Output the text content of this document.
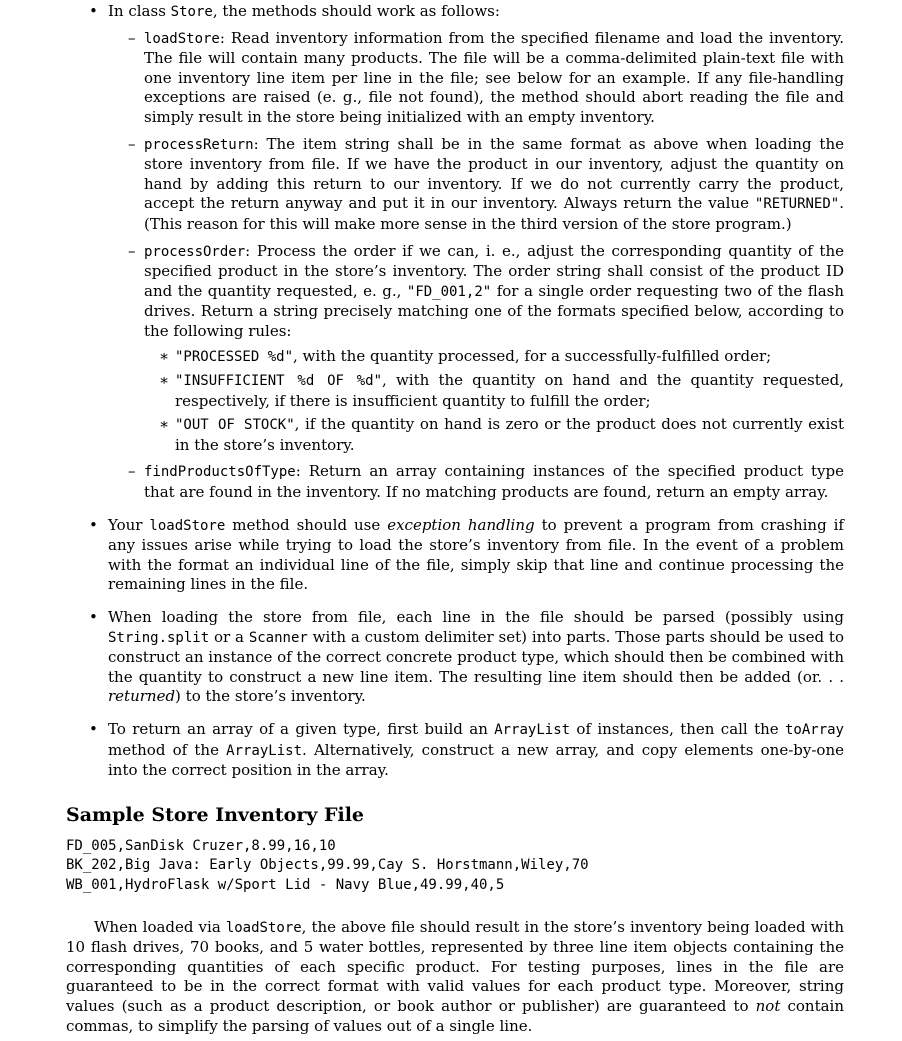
• In class Store, the methods should work as follows:

– loadStore: Read inventory information from the specified filename and load the inventory. The file will contain many products. The file will be a comma-delimited plain-text file with one inventory line item per line in the file; see below for an example. If any file-handling exceptions are raised (e. g., file not found), the method should abort reading the file and simply result in the store being initialized with an empty inventory.

– processReturn: The item string shall be in the same format as above when loading the store inventory from file. If we have the product in our inventory, adjust the quantity on hand by adding this return to our inventory. If we do not currently carry the product, accept the return anyway and put it in our inventory. Always return the value "RETURNED". (This reason for this will make more sense in the third version of the store program.)

– processOrder: Process the order if we can, i. e., adjust the corresponding quantity of the specified product in the store’s inventory. The order string shall consist of the product ID and the quantity requested, e. g., "FD_001,2" for a single order requesting two of the flash drives. Return a string precisely matching one of the formats specified below, according to the following rules:

∗ "PROCESSED %d", with the quantity processed, for a successfully-fulfilled order;

∗ "INSUFFICIENT %d OF %d", with the quantity on hand and the quantity requested, respectively, if there is insufficient quantity to fulfill the order;

∗ "OUT OF STOCK", if the quantity on hand is zero or the product does not currently exist in the store’s inventory.

– findProductsOfType: Return an array containing instances of the specified product type that are found in the inventory. If no matching products are found, return an empty array.

• Your loadStore method should use exception handling to prevent a program from crashing if any issues arise while trying to load the store’s inventory from file. In the event of a problem with the format an individual line of the file, simply skip that line and continue processing the remaining lines in the file.

• When loading the store from file, each line in the file should be parsed (possibly using String.split or a Scanner with a custom delimiter set) into parts. Those parts should be used to construct an instance of the correct concrete product type, which should then be combined with the quantity to construct a new line item. The resulting line item should then be added (or. . . returned) to the store’s inventory.

• To return an array of a given type, first build an ArrayList of instances, then call the toArray method of the ArrayList. Alternatively, construct a new array, and copy elements one-by-one into the correct position in the array.

Sample Store Inventory File
FD_005,SanDisk Cruzer,8.99,16,10
BK_202,Big Java: Early Objects,99.99,Cay S. Horstmann,Wiley,70
WB_001,HydroFlask w/Sport Lid - Navy Blue,49.99,40,5

When loaded via loadStore, the above file should result in the store’s inventory being loaded with 10 flash drives, 70 books, and 5 water bottles, represented by three line item objects containing the corresponding quantities of each specific product. For testing purposes, lines in the file are guaranteed to be in the correct format with valid values for each product type. Moreover, string values (such as a product description, or book author or publisher) are guaranteed to not contain commas, to simplify the parsing of values out of a single line.
